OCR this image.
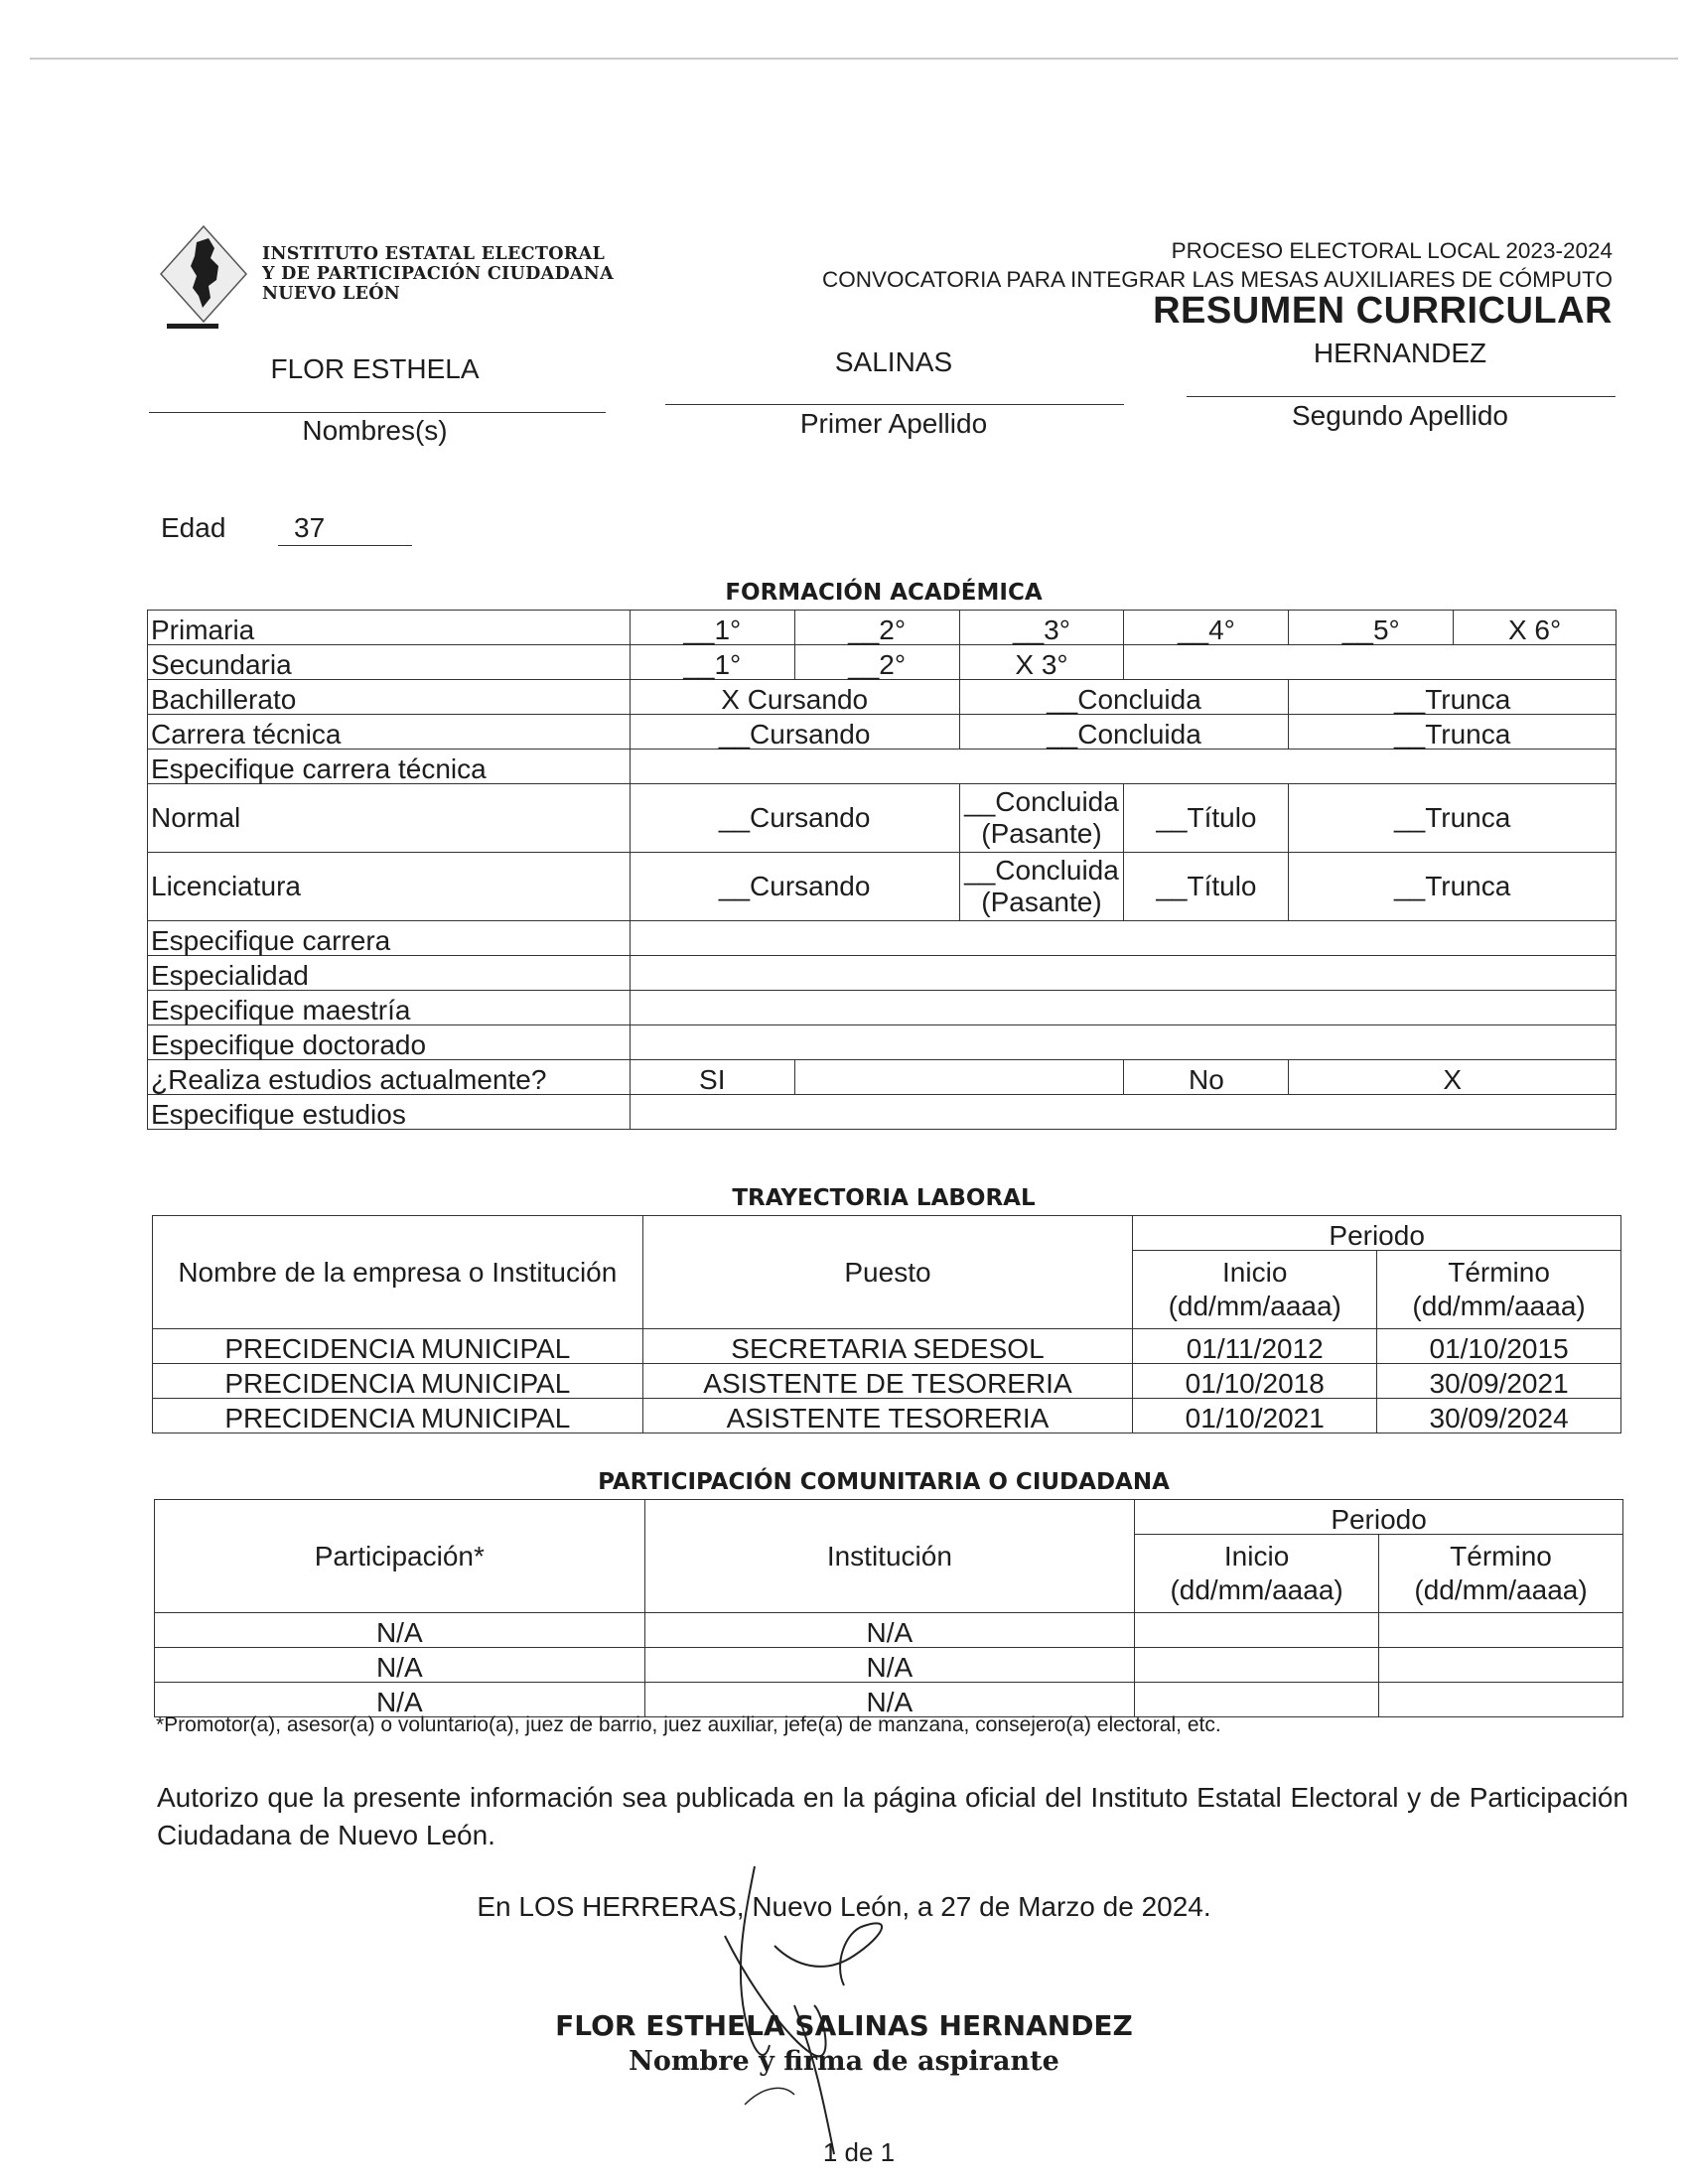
INSTITUTO ESTATAL ELECTORAL
Y DE PARTICIPACIÓN CIUDADANA
NUEVO LEÓN
PROCESO ELECTORAL LOCAL 2023-2024
CONVOCATORIA PARA INTEGRAR LAS MESAS AUXILIARES DE CÓMPUTO
RESUMEN CURRICULAR
FLOR ESTHELA
Nombres(s)
SALINAS
Primer Apellido
HERNANDEZ
Segundo Apellido
Edad	37
FORMACIÓN ACADÉMICA
Primaria	__1°	__2°	__3°	__4°	__5°	X 6°
Secundaria	__1°	__2°	X 3°			
Bachillerato	X Cursando		__Concluida		__Trunca	
Carrera técnica	__Cursando		__Concluida		__Trunca	
Especifique carrera técnica						
Normal	__Cursando		__Concluida (Pasante)	__Título	__Trunca	
Licenciatura	__Cursando		__Concluida (Pasante)	__Título	__Trunca	
Especifique carrera						
Especialidad						
Especifique maestría						
Especifique doctorado						
¿Realiza estudios actualmente?	SI			No	X	
Especifique estudios						
TRAYECTORIA LABORAL
Nombre de la empresa o Institución	Puesto	Periodo	
		Inicio (dd/mm/aaaa)	Término (dd/mm/aaaa)
PRECIDENCIA MUNICIPAL	SECRETARIA SEDESOL	01/11/2012	01/10/2015
PRECIDENCIA MUNICIPAL	ASISTENTE DE TESORERIA	01/10/2018	30/09/2021
PRECIDENCIA MUNICIPAL	ASISTENTE TESORERIA	01/10/2021	30/09/2024
PARTICIPACIÓN COMUNITARIA O CIUDADANA
Participación*	Institución	Periodo	
		Inicio (dd/mm/aaaa)	Término (dd/mm/aaaa)
N/A	N/A		
N/A	N/A		
N/A	N/A		
*Promotor(a), asesor(a) o voluntario(a), juez de barrio, juez auxiliar, jefe(a) de manzana, consejero(a) electoral, etc.
Autorizo que la presente información sea publicada en la página oficial del Instituto Estatal Electoral y de Participación Ciudadana de Nuevo León.
En LOS HERRERAS, Nuevo León, a 27 de Marzo de 2024.
FLOR ESTHELA SALINAS HERNANDEZ
Nombre y firma de aspirante
1 de 1
